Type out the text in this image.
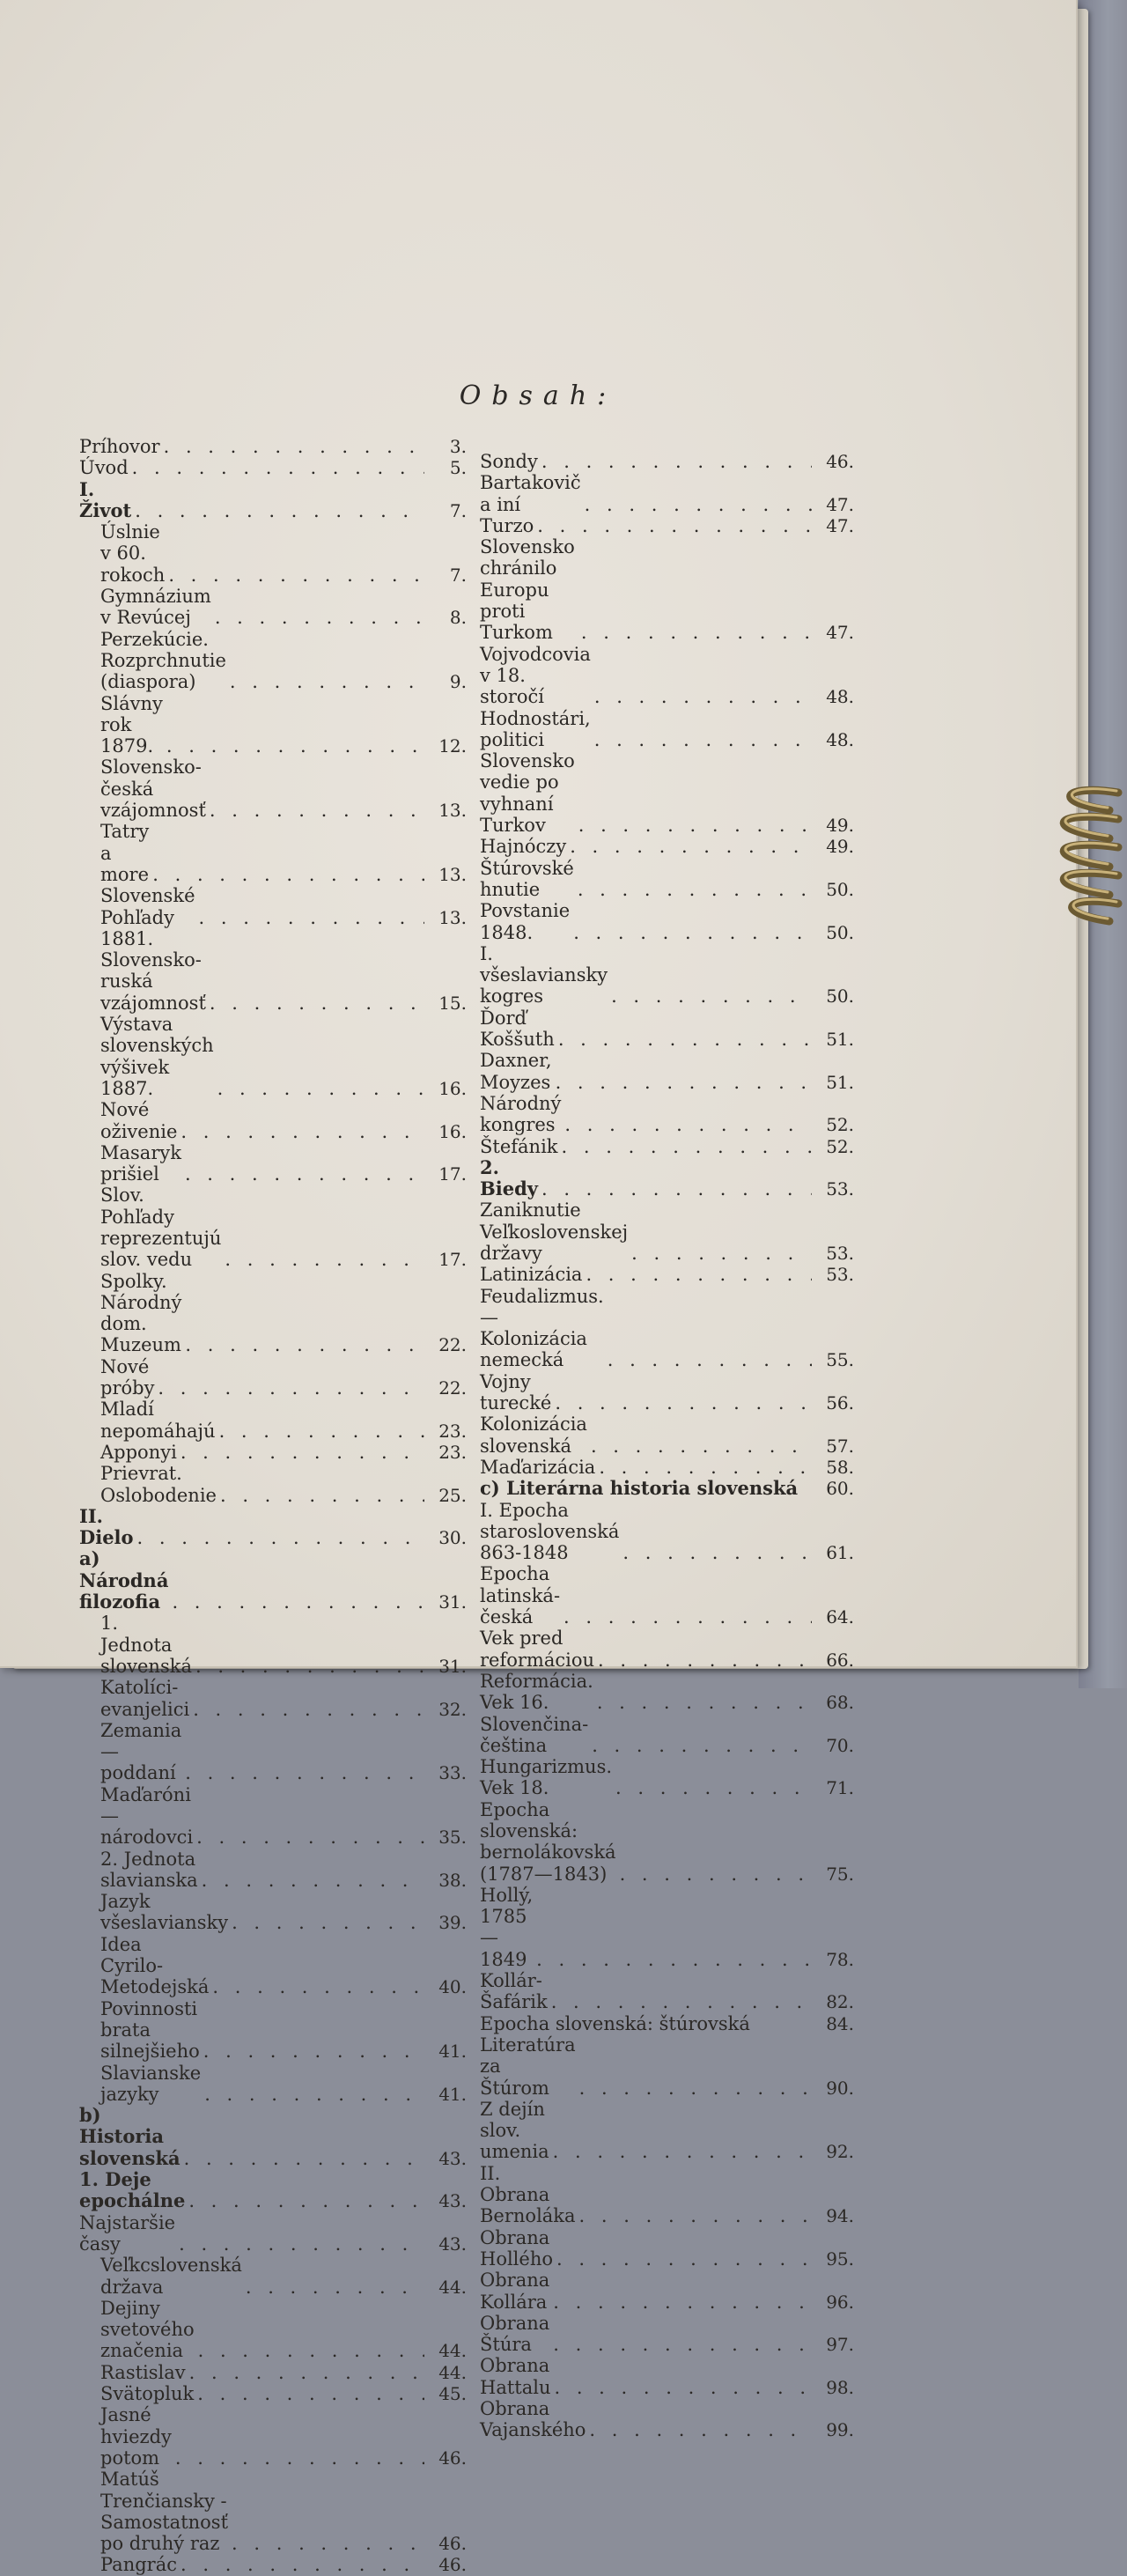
Obsah:
Príhovor . . .	3.
Úvod . . .	5.
I. Život . . .	7.
Úslnie v 60. rokoch . . .	7.
Gymnázium v Revúcej . . .	8.
Perzekúcie. Rozprchnutie (diaspora) . . .	9.
Slávny rok 1879. . . .	12.
Slovensko-česká vzájomnosť . . .	13.
Tatry a more . . .	13.
Slovenské Pohľady . . .	13.
1881. Slovensko-ruská vzájomnosť . . .	15.
Výstava slovenských výšivek 1887. . . .	16.
Nové oživenie . . .	16.
Masaryk prišiel . . .	17.
Slov. Pohľady reprezentujú slov. vedu . . .	17.
Spolky. Národný dom. Muzeum . . .	22.
Nové próby . . .	22.
Mladí nepomáhajú . . .	23.
Apponyi . . .	23.
Prievrat. Oslobodenie . . .	25.
II. Dielo . . .	30.
a) Národná filozofia . . .	31.
1. Jednota slovenská . . .	31.
Katolíci-evanjelici . . .	32.
Zemania — poddaní . . .	33.
Maďaróni — národovci . . .	35.
2. Jednota slavianska . . .	38.
Jazyk všeslaviansky . . .	39.
Idea Cyrilo-Metodejská . . .	40.
Povinnosti brata silnejšieho . . .	41.
Slavianske jazyky . . .	41.
b) Historia slovenská . . .	43.
1. Deje epochálne . . .	43.
Najstaršie časy . . .	43.
Veľkcslovenská država . . .	44.
Dejiny svetového značenia . . .	44.
Rastislav . . .	44.
Svätopluk . . .	45.
Jasné hviezdy potom . . .	46.
Matúš Trenčiansky - Samostatnosť po druhý raz . . .	46.
Pangrác . . .	46.
Sondy . . .	46.
Bartakovič a iní . . .	47.
Turzo . . .	47.
Slovensko chránilo Europu proti Turkom . . .	47.
Vojvodcovia v 18. storočí . . .	48.
Hodnostári, politici . . .	48.
Slovensko vedie po vyhnaní Turkov . . .	49.
Hajnóczy . . .	49.
Štúrovské hnutie . . .	50.
Povstanie 1848. . . .	50.
I. všeslaviansky kogres . . .	50.
Ďorď Koššuth . . .	51.
Daxner, Moyzes . . .	51.
Národný kongres . . .	52.
Štefánik . . .	52.
2. Biedy . . .	53.
Zaniknutie Veľkoslovenskej državy . . .	53.
Latinizácia . . .	53.
Feudalizmus. — Kolonizácia nemecká . . .	55.
Vojny turecké . . .	56.
Kolonizácia slovenská . . .	57.
Maďarizácia . . .	58.
c) Literárna historia slovenská	60.
I. Epocha staroslovenská 863-1848 . . .	61.
Epocha latinská-česká . . .	64.
Vek pred reformáciou . . .	66.
Reformácia. Vek 16. . . .	68.
Slovenčina-čeština . . .	70.
Hungarizmus. Vek 18. . . .	71.
Epocha slovenská: bernolákovská (1787—1843) . . .	75.
Hollý, 1785—1849 . . .	78.
Kollár-Šafárik . . .	82.
Epocha slovenská: štúrovská	84.
Literatúra za Štúrom . . .	90.
Z dejín slov. umenia . . .	92.
II. Obrana Bernoláka . . .	94.
Obrana Hollého . . .	95.
Obrana Kollára . . .	96.
Obrana Štúra . . .	97.
Obrana Hattalu . . .	98.
Obrana Vajanského . . .	99.
